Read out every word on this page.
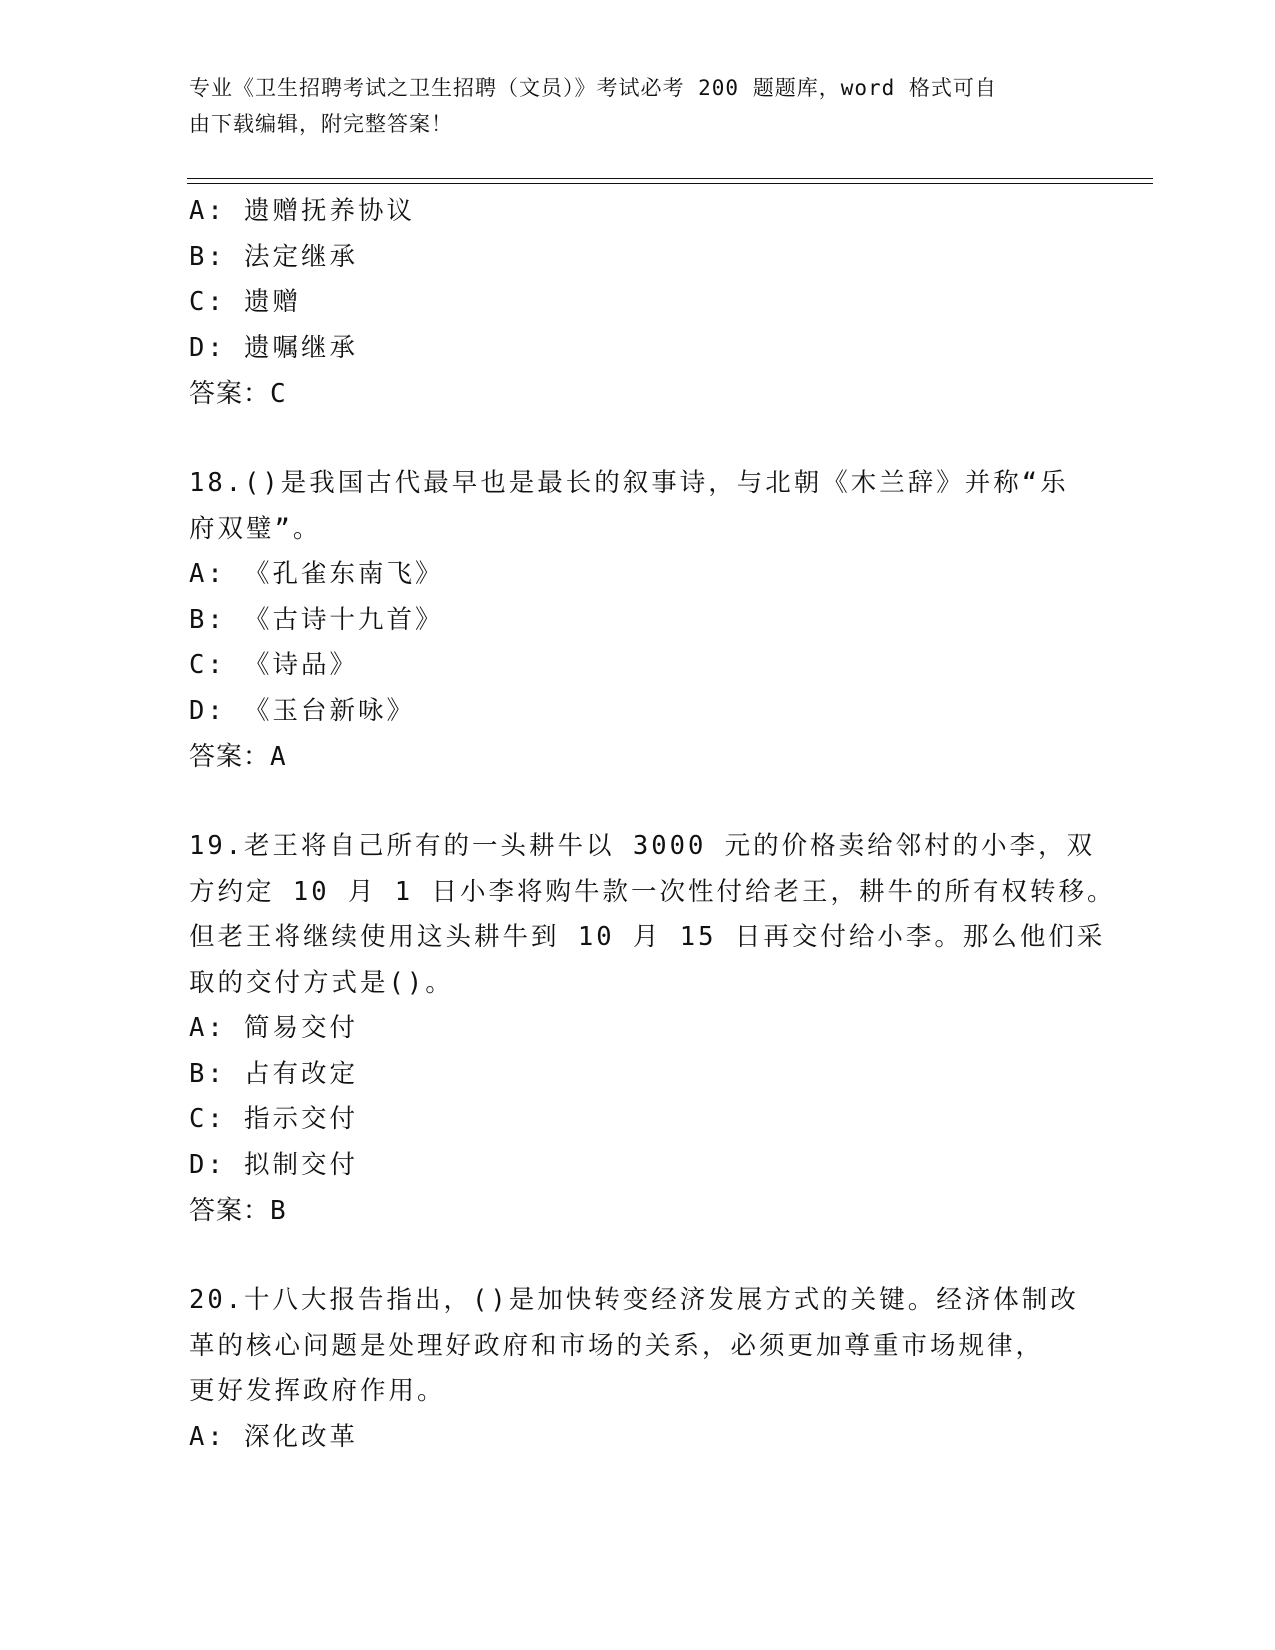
专业《卫生招聘考试之卫生招聘（文员）》考试必考 200 题题库，word 格式可自
由下载编辑，附完整答案！
A: 遗赠抚养协议
B: 法定继承
C: 遗赠
D: 遗嘱继承
答案：C
18.()是我国古代最早也是最长的叙事诗，与北朝《木兰辞》并称“乐
府双璧”。
A: 《孔雀东南飞》
B: 《古诗十九首》
C: 《诗品》
D: 《玉台新咏》
答案：A
19.老王将自己所有的一头耕牛以 3000 元的价格卖给邻村的小李，双
方约定 10 月 1 日小李将购牛款一次性付给老王，耕牛的所有权转移。
但老王将继续使用这头耕牛到 10 月 15 日再交付给小李。那么他们采
取的交付方式是()。
A: 简易交付
B: 占有改定
C: 指示交付
D: 拟制交付
答案：B
20.十八大报告指出，()是加快转变经济发展方式的关键。经济体制改
革的核心问题是处理好政府和市场的关系，必须更加尊重市场规律，
更好发挥政府作用。
A: 深化改革
